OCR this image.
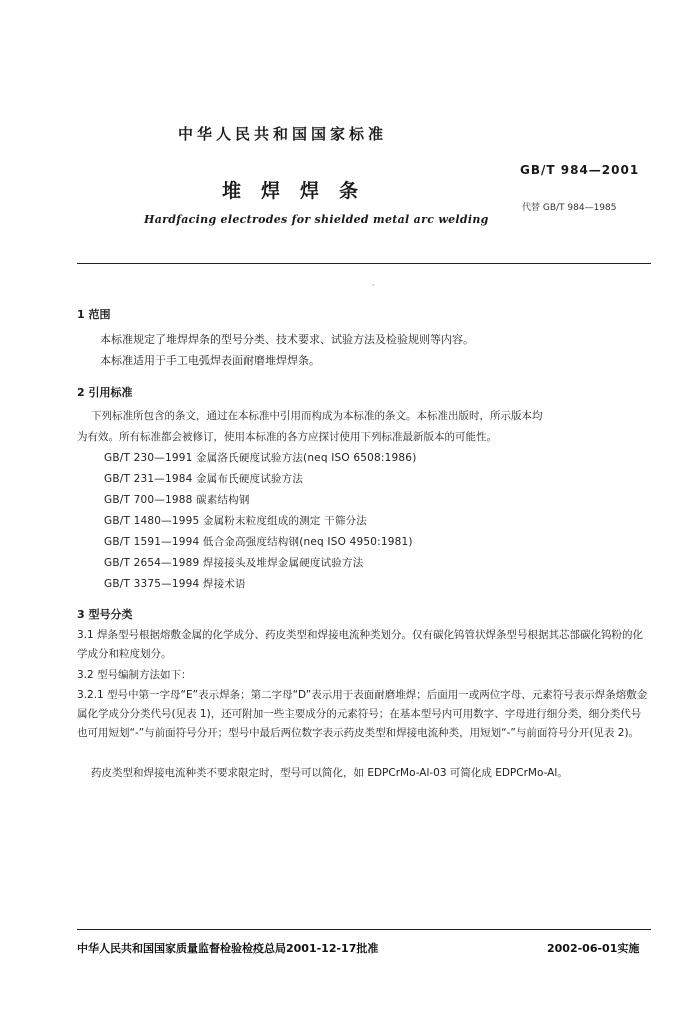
中华人民共和国国家标准
堆焊焊条
Hardfacing electrodes for shielded metal arc welding
GB/T 984—2001
代替 GB/T 984—1985
·
1 范围
本标准规定了堆焊焊条的型号分类、技术要求、试验方法及检验规则等内容。
本标准适用于手工电弧焊表面耐磨堆焊焊条。
2 引用标准
下列标准所包含的条文，通过在本标准中引用而构成为本标准的条文。本标准出版时，所示版本均
为有效。所有标准都会被修订，使用本标准的各方应探讨使用下列标准最新版本的可能性。
GB/T 230—1991 金属洛氏硬度试验方法(neq ISO 6508:1986)
GB/T 231—1984 金属布氏硬度试验方法
GB/T 700—1988 碳素结构钢
GB/T 1480—1995 金属粉末粒度组成的测定 干筛分法
GB/T 1591—1994 低合金高强度结构钢(neq ISO 4950:1981)
GB/T 2654—1989 焊接接头及堆焊金属硬度试验方法
GB/T 3375—1994 焊接术语
3 型号分类
3.1 焊条型号根据熔敷金属的化学成分、药皮类型和焊接电流种类划分。仅有碳化钨管状焊条型号根据其芯部碳化钨粉的化学成分和粒度划分。
3.2 型号编制方法如下：
3.2.1 型号中第一字母“E”表示焊条；第二字母“D”表示用于表面耐磨堆焊；后面用一或两位字母、元素符号表示焊条熔敷金属化学成分分类代号(见表 1)，还可附加一些主要成分的元素符号；在基本型号内可用数字、字母进行细分类，细分类代号也可用短划“-”与前面符号分开；型号中最后两位数字表示药皮类型和焊接电流种类，用短划“-”与前面符号分开(见表 2)。
药皮类型和焊接电流种类不要求限定时，型号可以简化，如 EDPCrMo-Al-03 可简化成 EDPCrMo-Al。
中华人民共和国国家质量监督检验检疫总局2001-12-17批准	2002-06-01实施
